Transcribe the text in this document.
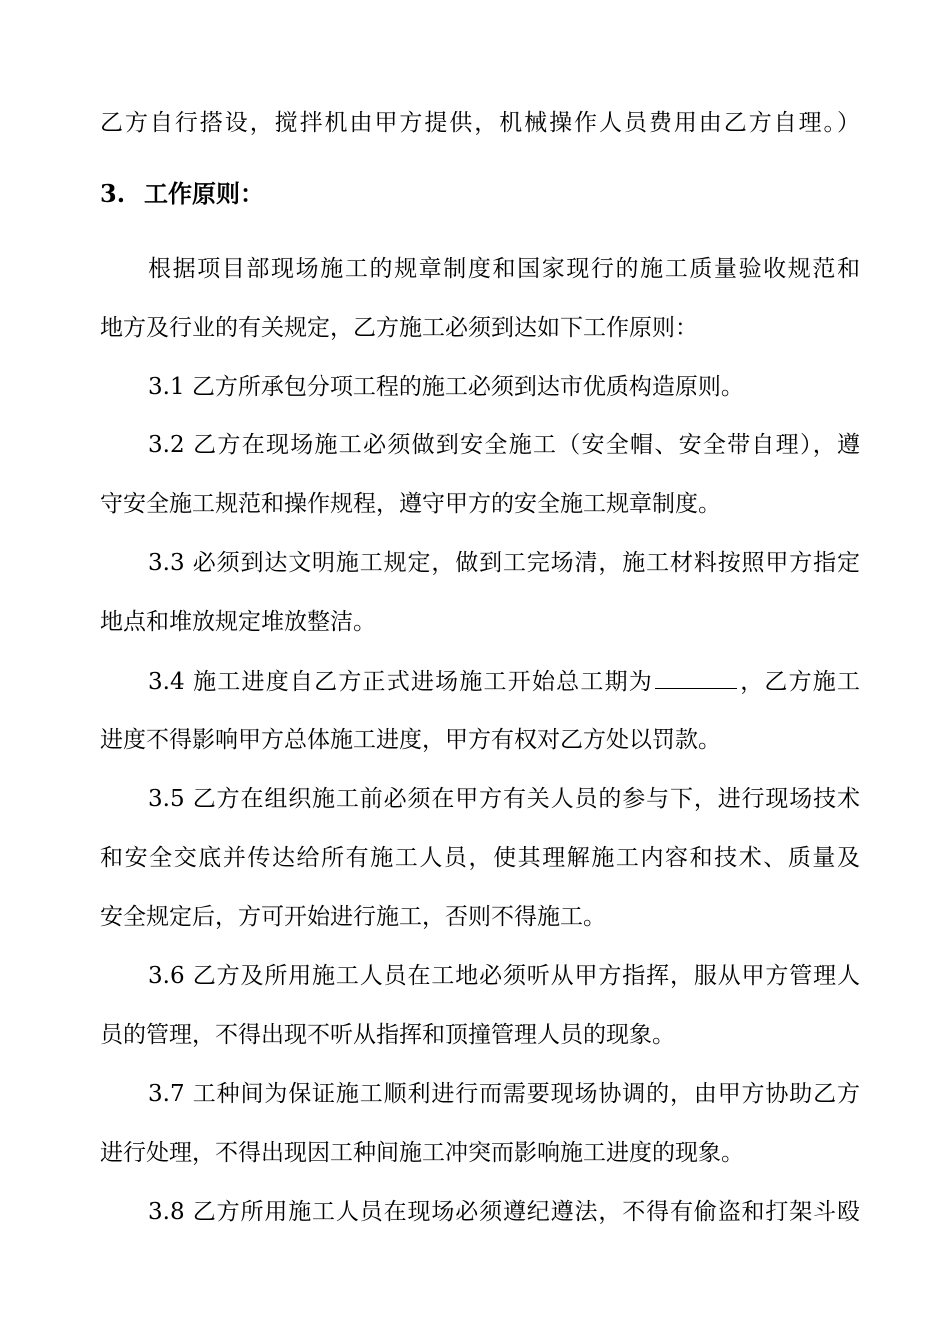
乙方自行搭设，搅拌机由甲方提供，机械操作人员费用由乙方自理。）
3. 工作原则：
根据项目部现场施工的规章制度和国家现行的施工质量验收规范和
地方及行业的有关规定，乙方施工必须到达如下工作原则：
3.1 乙方所承包分项工程的施工必须到达市优质构造原则。
3.2 乙方在现场施工必须做到安全施工（安全帽、安全带自理），遵
守安全施工规范和操作规程，遵守甲方的安全施工规章制度。
3.3 必须到达文明施工规定，做到工完场清，施工材料按照甲方指定
地点和堆放规定堆放整洁。
3.4 施工进度自乙方正式进场施工开始总工期为	，乙方施工
进度不得影响甲方总体施工进度，甲方有权对乙方处以罚款。
3.5 乙方在组织施工前必须在甲方有关人员的参与下，进行现场技术
和安全交底并传达给所有施工人员，使其理解施工内容和技术、质量及
安全规定后，方可开始进行施工，否则不得施工。
3.6 乙方及所用施工人员在工地必须听从甲方指挥，服从甲方管理人
员的管理，不得出现不听从指挥和顶撞管理人员的现象。
3.7 工种间为保证施工顺利进行而需要现场协调的，由甲方协助乙方
进行处理，不得出现因工种间施工冲突而影响施工进度的现象。
3.8 乙方所用施工人员在现场必须遵纪遵法，不得有偷盗和打架斗殴
